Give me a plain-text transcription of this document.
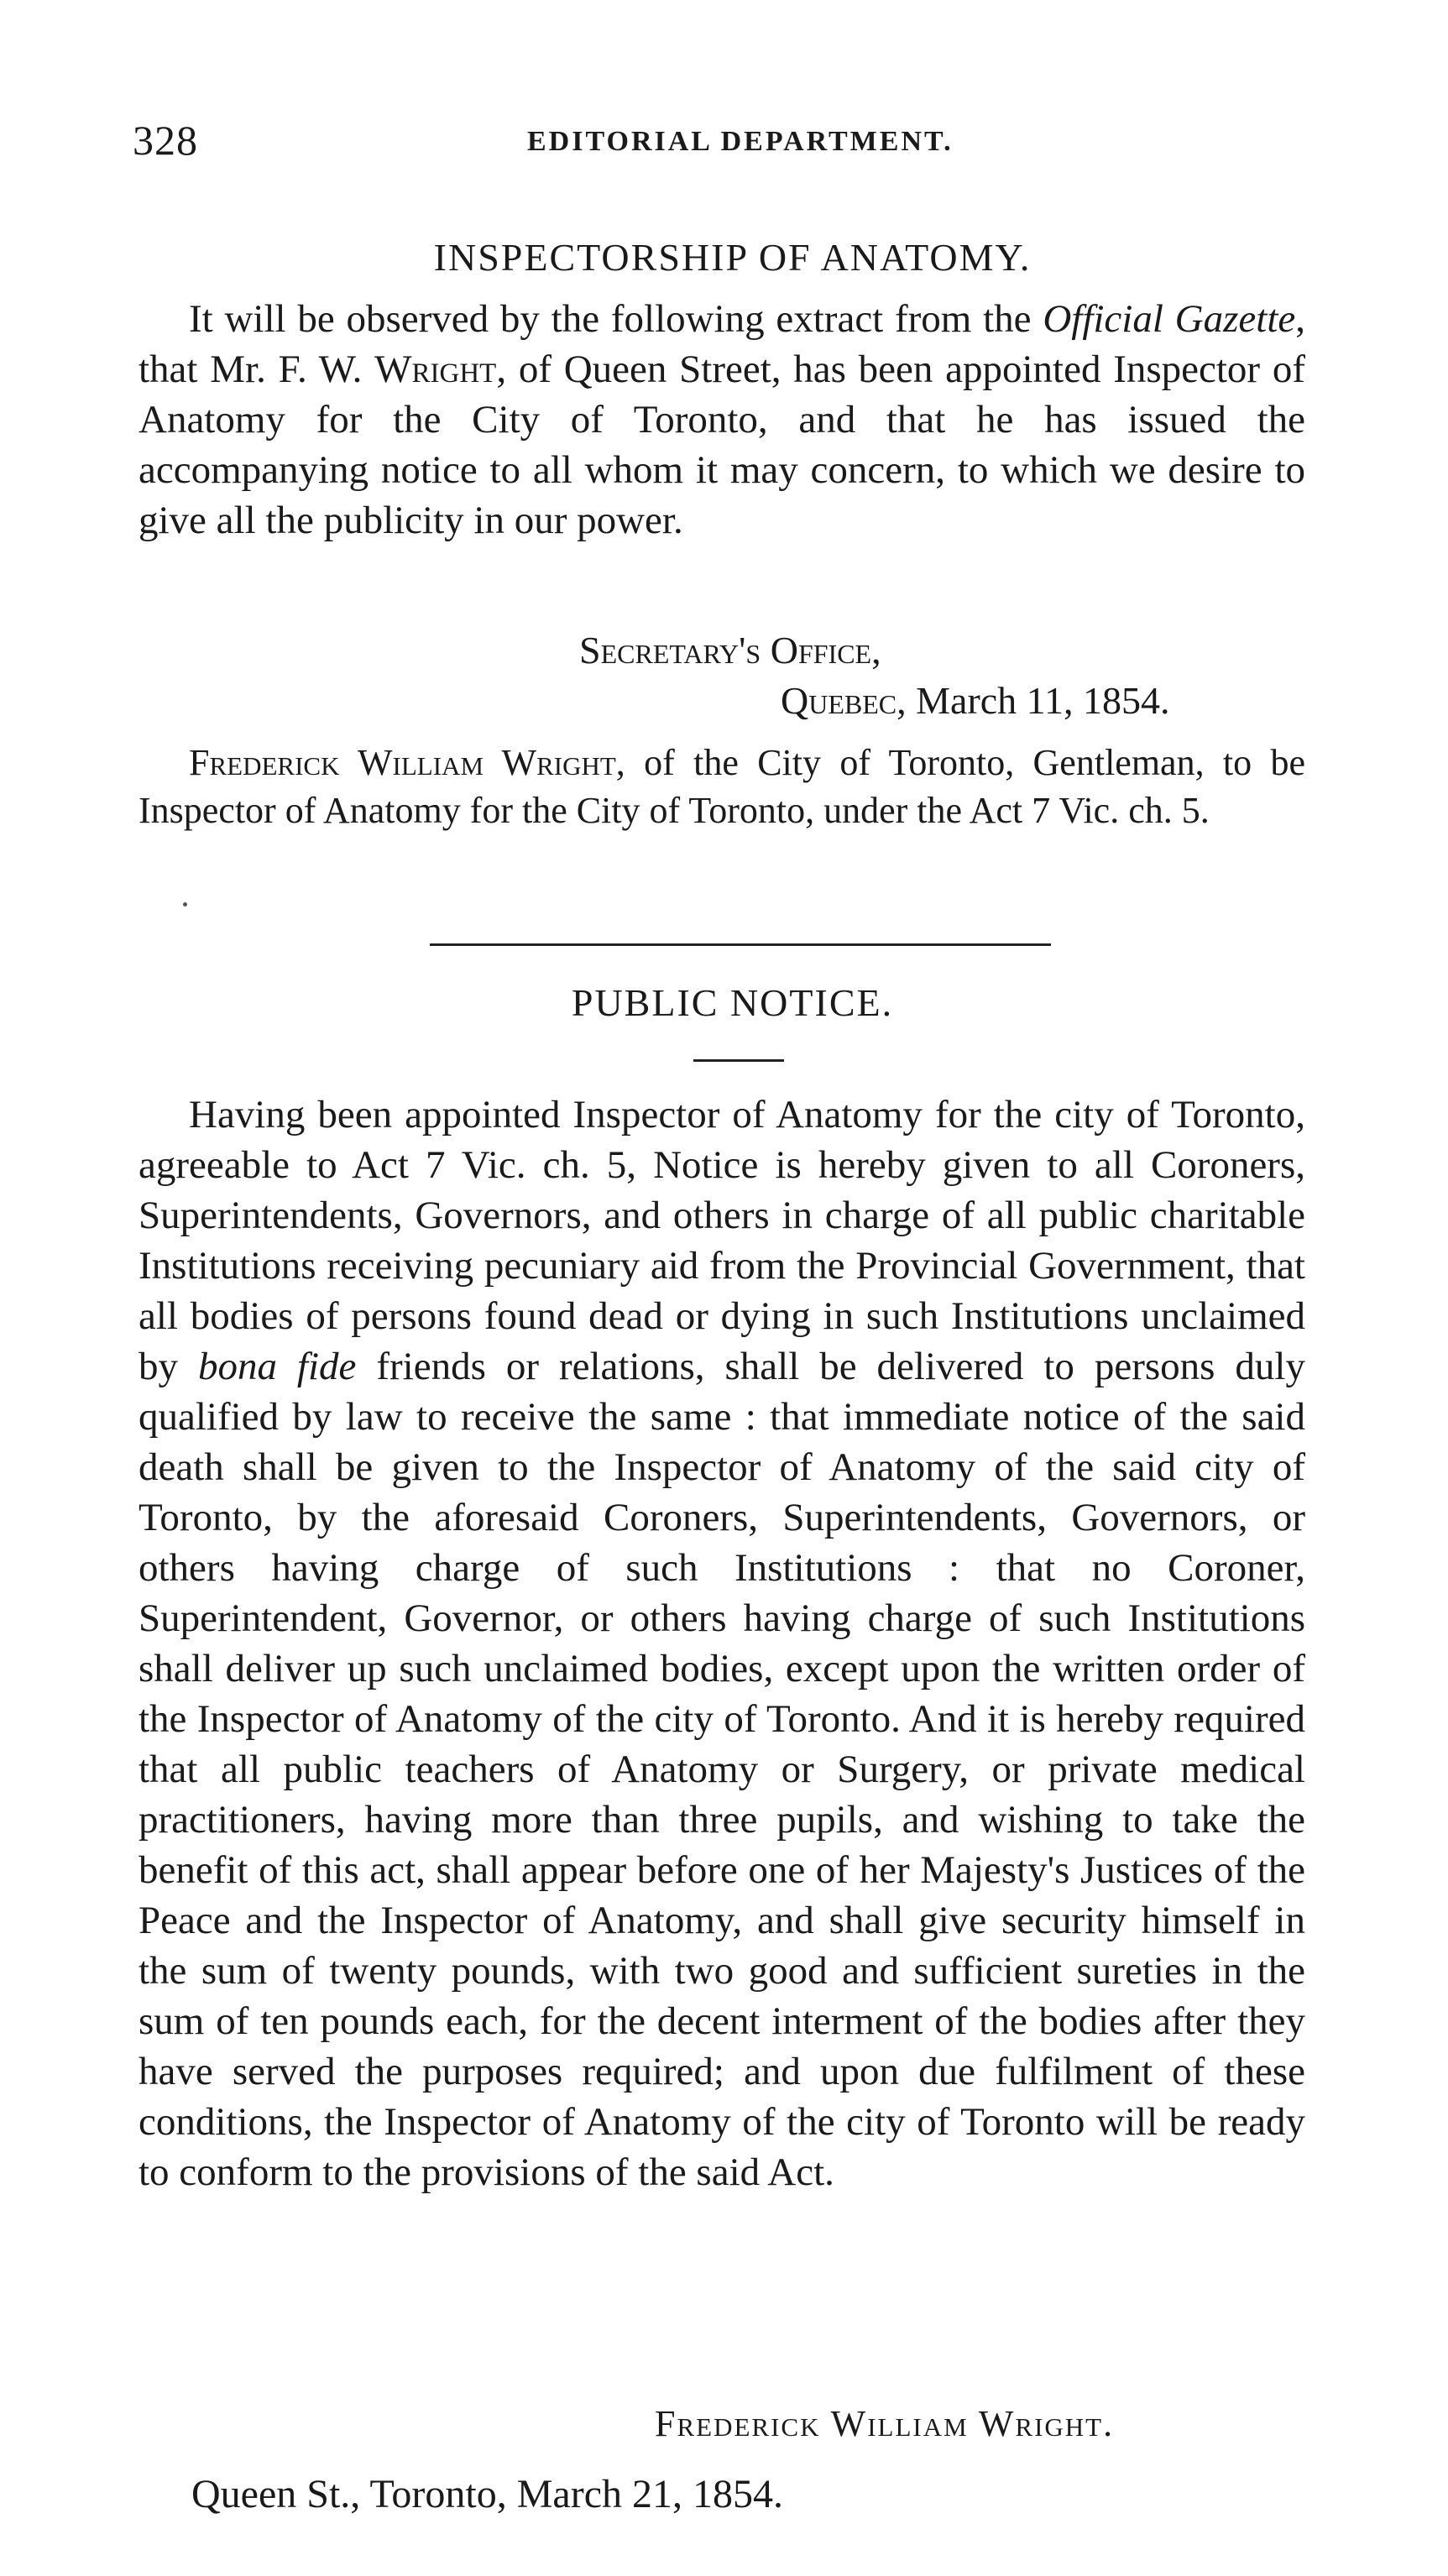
328	EDITORIAL DEPARTMENT.
INSPECTORSHIP OF ANATOMY.

It will be observed by the following extract from the Official Gazette, that Mr. F. W. Wright, of Queen Street, has been appointed Inspector of Anatomy for the City of Toronto, and that he has issued the accompanying notice to all whom it may concern, to which we desire to give all the publicity in our power.

Secretary's Office,
Quebec, March 11, 1854.

Frederick William Wright, of the City of Toronto, Gentleman, to be Inspector of Anatomy for the City of Toronto, under the Act 7 Vic. ch. 5.

PUBLIC NOTICE.

Having been appointed Inspector of Anatomy for the city of Toronto, agreeable to Act 7 Vic. ch. 5, Notice is hereby given to all Coroners, Superintendents, Governors, and others in charge of all public charitable Institutions receiving pecuniary aid from the Provincial Government, that all bodies of persons found dead or dying in such Institutions unclaimed by bona fide friends or relations, shall be delivered to persons duly qualified by law to receive the same : that immediate notice of the said death shall be given to the Inspector of Anatomy of the said city of Toronto, by the aforesaid Coroners, Superintendents, Governors, or others having charge of such Institutions : that no Coroner, Superintendent, Governor, or others having charge of such Institutions shall deliver up such unclaimed bodies, except upon the written order of the Inspector of Anatomy of the city of Toronto. And it is hereby required that all public teachers of Anatomy or Surgery, or private medical practitioners, having more than three pupils, and wishing to take the benefit of this act, shall appear before one of her Majesty's Justices of the Peace and the Inspector of Anatomy, and shall give security himself in the sum of twenty pounds, with two good and sufficient sureties in the sum of ten pounds each, for the decent interment of the bodies after they have served the purposes required; and upon due fulfilment of these conditions, the Inspector of Anatomy of the city of Toronto will be ready to conform to the provisions of the said Act.

Frederick William Wright.
Queen St., Toronto, March 21, 1854.
